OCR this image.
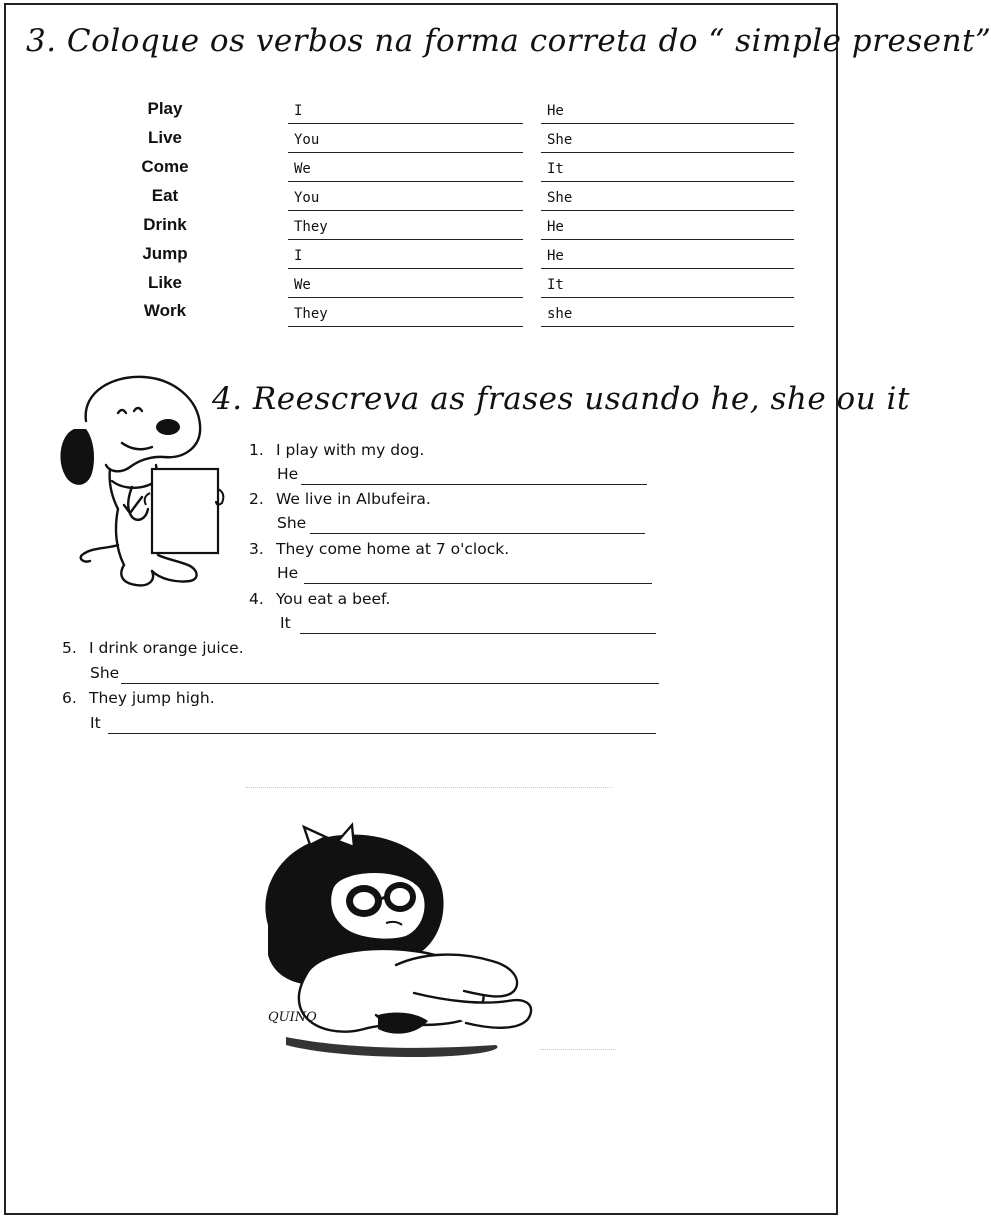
3. Coloque os verbos na forma correta do “ simple present”
Play	I	He
Live	You	She
Come	We	It
Eat	You	She
Drink	They	He
Jump	I	He
Like	We	It
Work	They	she
4. Reescreva as frases usando he, she ou it
1. I play with my dog.
He
2. We live in Albufeira.
She
3. They come home at 7 o'clock.
He
4. You eat a beef.
It
5. I drink orange juice.
She
6. They jump high.
It
QUINO
